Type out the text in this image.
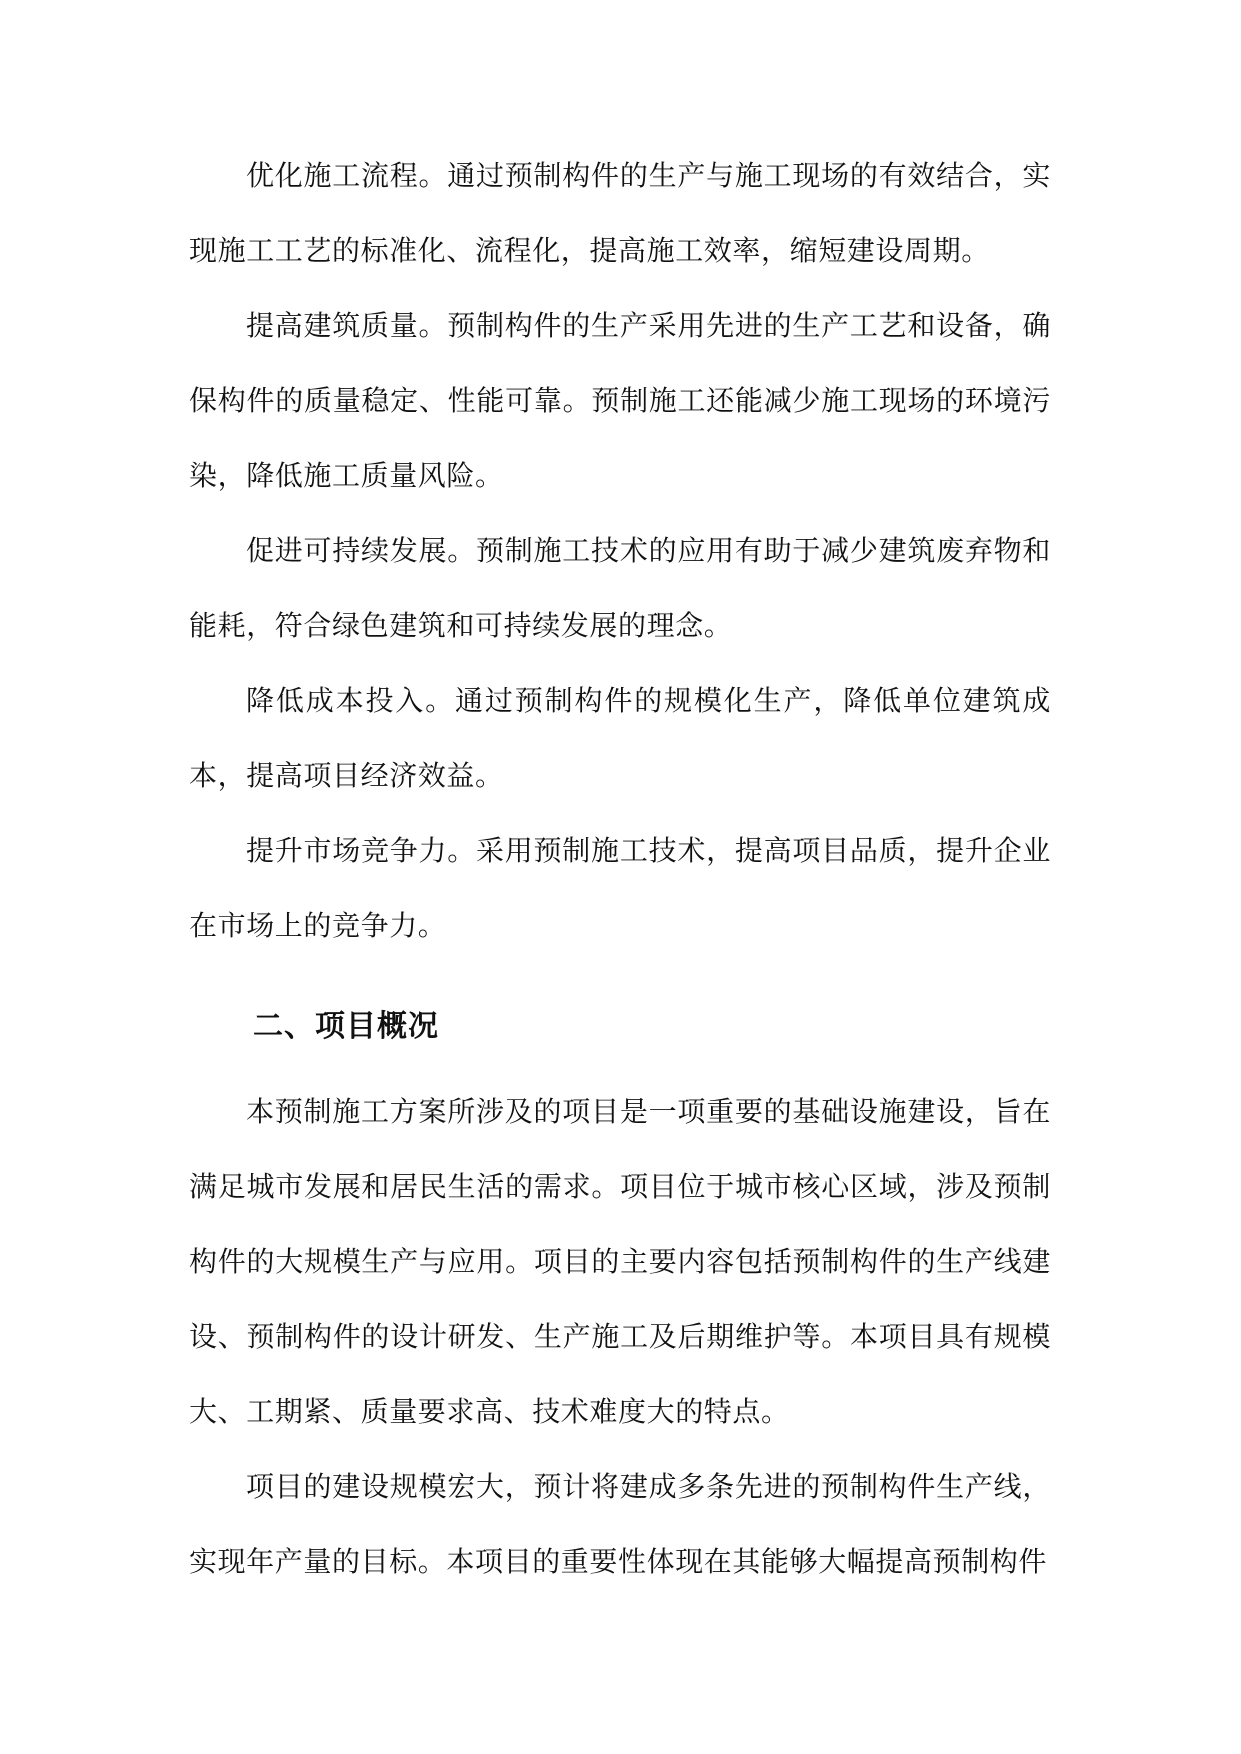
优化施工流程。通过预制构件的生产与施工现场的有效结合，实现施工工艺的标准化、流程化，提高施工效率，缩短建设周期。

提高建筑质量。预制构件的生产采用先进的生产工艺和设备，确保构件的质量稳定、性能可靠。预制施工还能减少施工现场的环境污染，降低施工质量风险。

促进可持续发展。预制施工技术的应用有助于减少建筑废弃物和能耗，符合绿色建筑和可持续发展的理念。

降低成本投入。通过预制构件的规模化生产，降低单位建筑成本，提高项目经济效益。

提升市场竞争力。采用预制施工技术，提高项目品质，提升企业在市场上的竞争力。

二、项目概况

本预制施工方案所涉及的项目是一项重要的基础设施建设，旨在满足城市发展和居民生活的需求。项目位于城市核心区域，涉及预制构件的大规模生产与应用。项目的主要内容包括预制构件的生产线建设、预制构件的设计研发、生产施工及后期维护等。本项目具有规模大、工期紧、质量要求高、技术难度大的特点。

项目的建设规模宏大，预计将建成多条先进的预制构件生产线，实现年产量的目标。本项目的重要性体现在其能够大幅提高预制构件
